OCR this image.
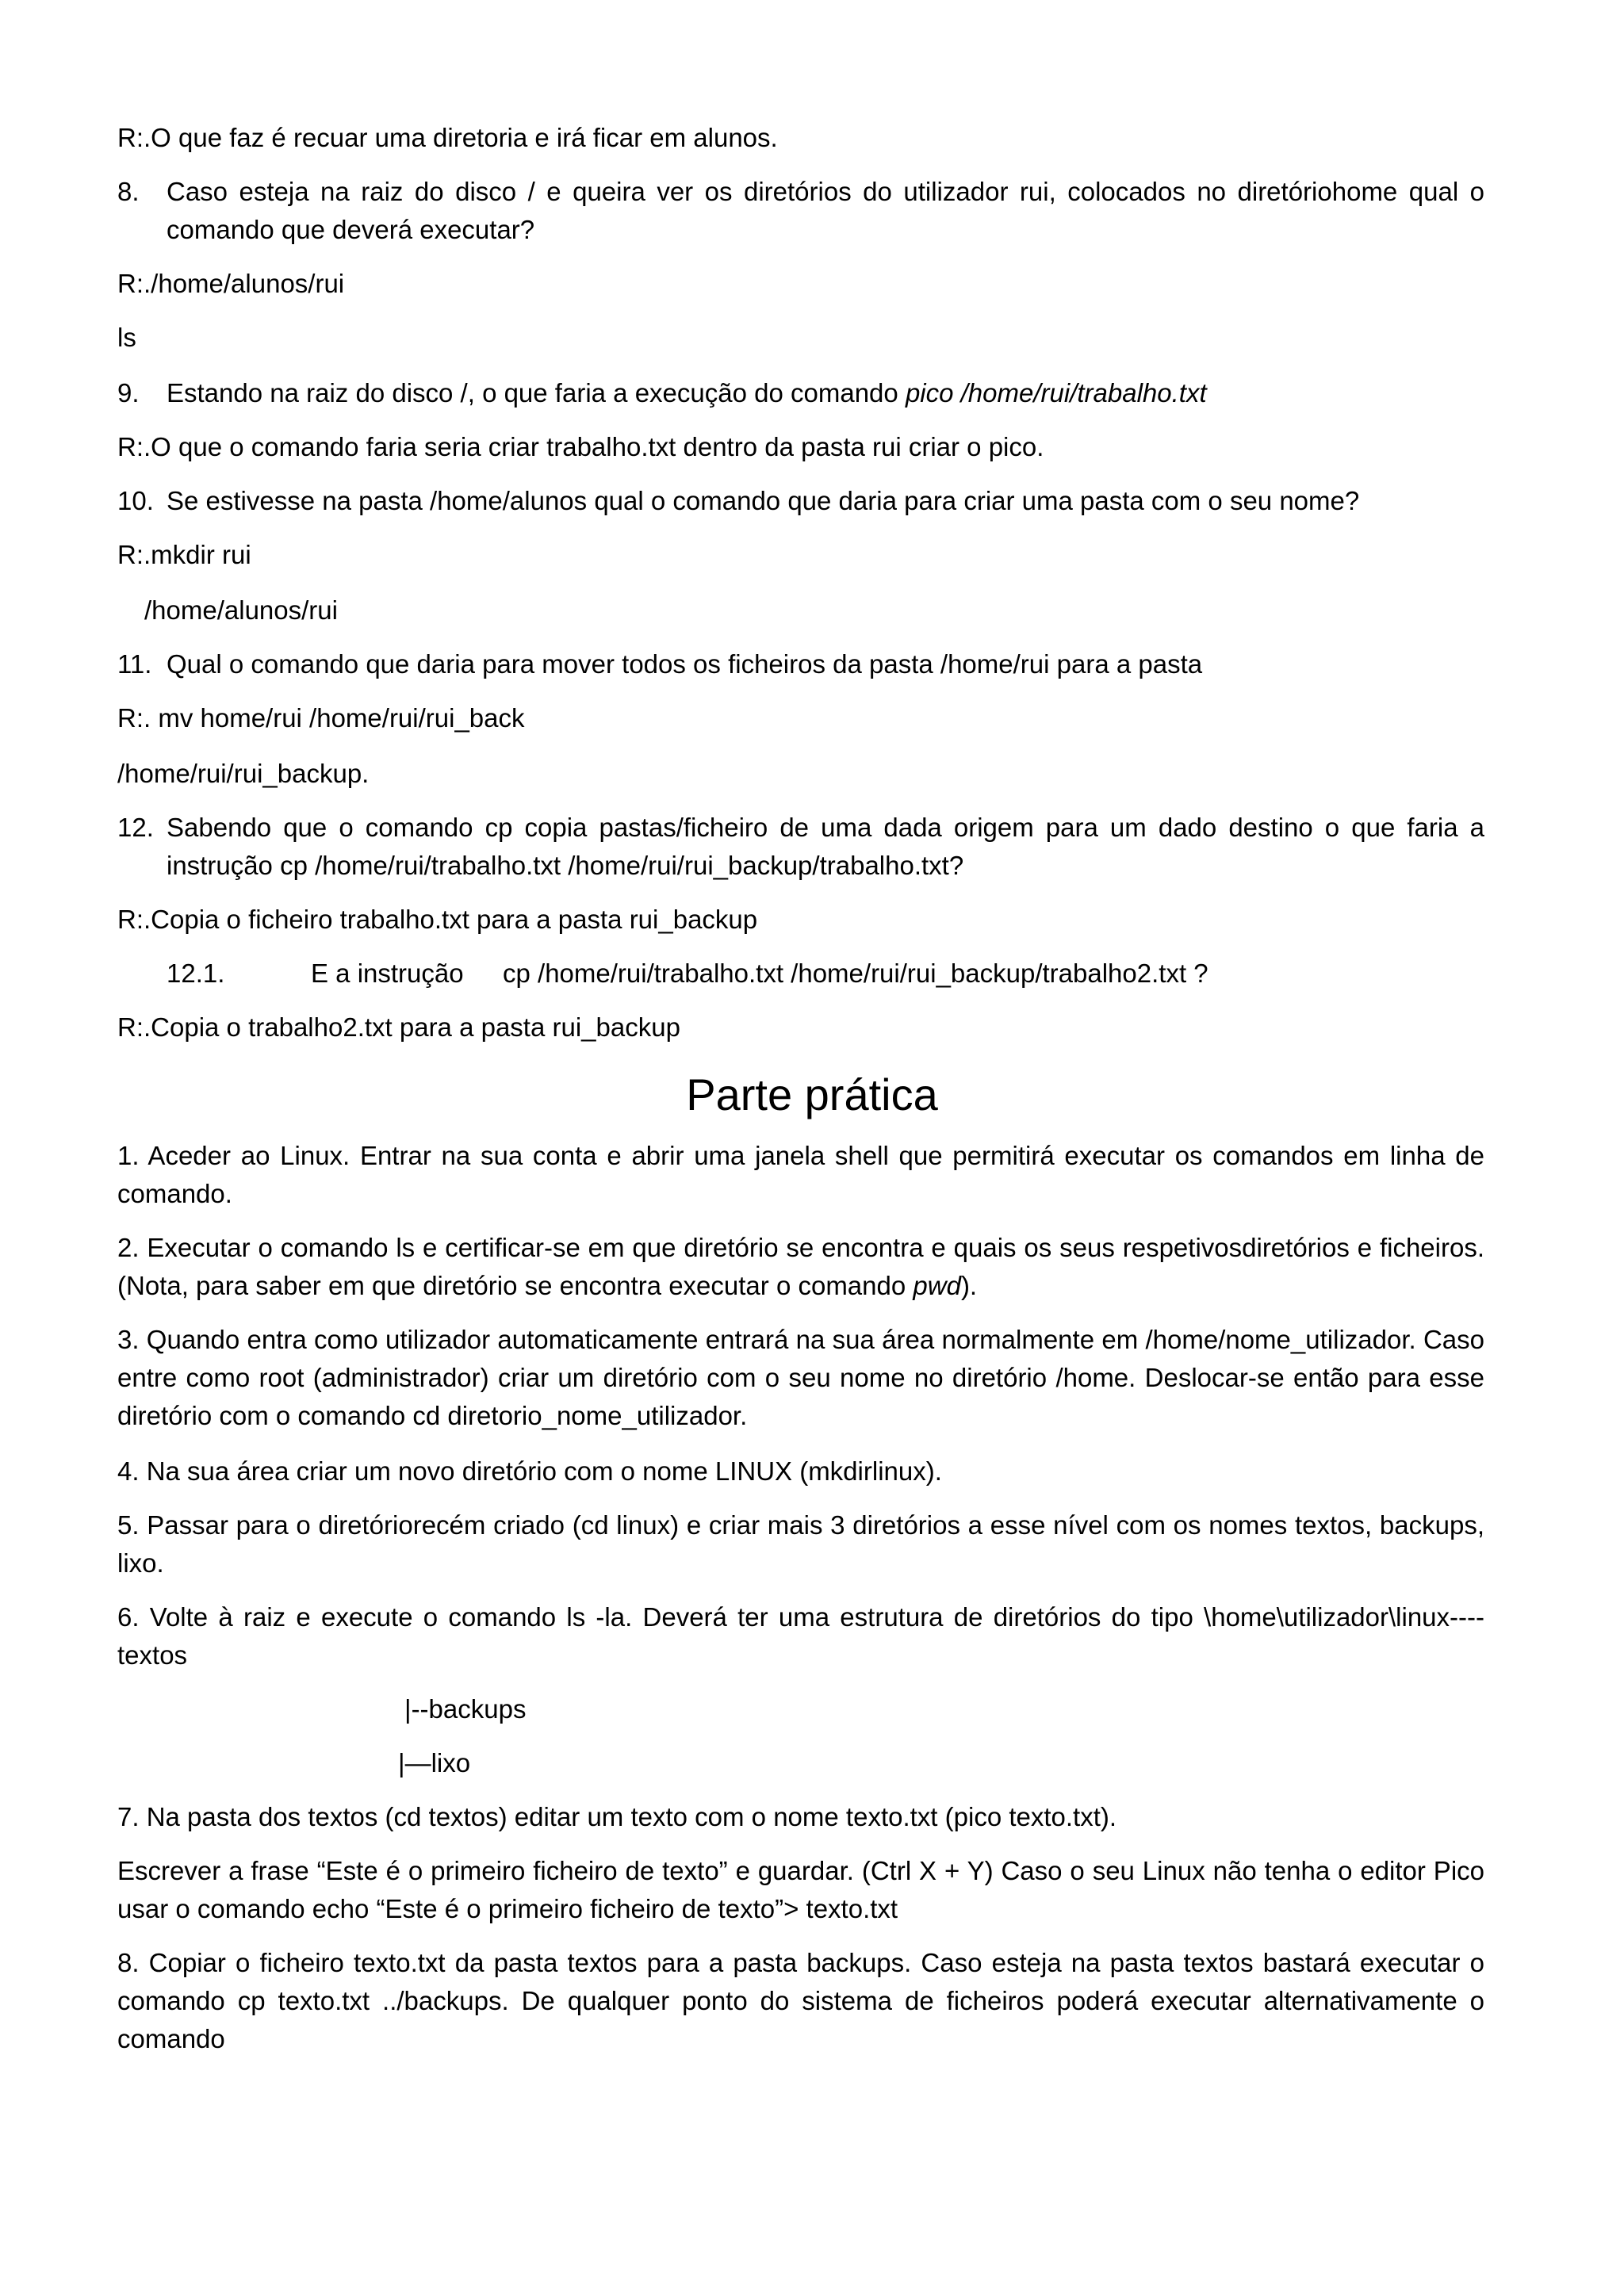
R:.O que faz é recuar uma diretoria e irá ficar em alunos.
8. Caso esteja na raiz do disco / e queira ver os diretórios do utilizador rui, colocados no diretóriohome qual o comando que deverá executar?
R:./home/alunos/rui
ls
9. Estando na raiz do disco /, o que faria a execução do comando pico /home/rui/trabalho.txt
R:.O que o comando faria seria criar trabalho.txt dentro da pasta rui criar o pico.
10. Se estivesse na pasta /home/alunos qual o comando que daria para criar uma pasta com o seu nome?
R:.mkdir rui
/home/alunos/rui
11. Qual o comando que daria para mover todos os ficheiros da pasta /home/rui para a pasta
R:. mv home/rui /home/rui/rui_back
/home/rui/rui_backup.
12. Sabendo que o comando cp copia pastas/ficheiro de uma dada origem para um dado destino o que faria a instrução cp /home/rui/trabalho.txt /home/rui/rui_backup/trabalho.txt?
R:.Copia o ficheiro trabalho.txt para a pasta rui_backup
12.1.	E a instrução cp /home/rui/trabalho.txt /home/rui/rui_backup/trabalho2.txt ?
R:.Copia o trabalho2.txt para a pasta rui_backup
Parte prática
1. Aceder ao Linux. Entrar na sua conta e abrir uma janela shell que permitirá executar os comandos em linha de comando.
2. Executar o comando ls e certificar-se em que diretório se encontra e quais os seus respetivosdiretórios e ficheiros. (Nota, para saber em que diretório se encontra executar o comando pwd).
3. Quando entra como utilizador automaticamente entrará na sua área normalmente em /home/nome_utilizador. Caso entre como root (administrador) criar um diretório com o seu nome no diretório /home. Deslocar-se então para esse diretório com o comando cd diretorio_nome_utilizador.
4. Na sua área criar um novo diretório com o nome LINUX (mkdirlinux).
5. Passar para o diretóriorecém criado (cd linux) e criar mais 3 diretórios a esse nível com os nomes textos, backups, lixo.
6. Volte à raiz e execute o comando ls -la. Deverá ter uma estrutura de diretórios do tipo \home\utilizador\linux----textos
|--backups
|—lixo
7. Na pasta dos textos (cd textos) editar um texto com o nome texto.txt (pico texto.txt).
Escrever a frase “Este é o primeiro ficheiro de texto” e guardar. (Ctrl X + Y) Caso o seu Linux não tenha o editor Pico usar o comando echo “Este é o primeiro ficheiro de texto”> texto.txt
8. Copiar o ficheiro texto.txt da pasta textos para a pasta backups. Caso esteja na pasta textos bastará executar o comando cp texto.txt ../backups. De qualquer ponto do sistema de ficheiros poderá executar alternativamente o comando
